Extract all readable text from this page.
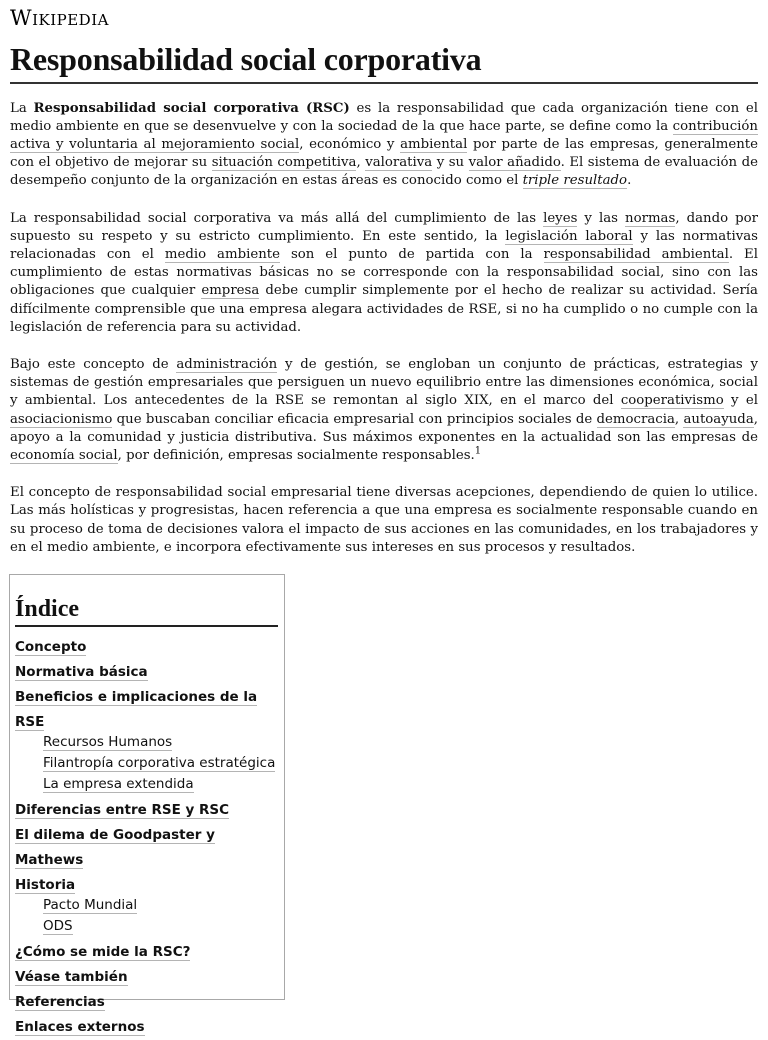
Wikipedia
Responsabilidad social corporativa

La Responsabilidad social corporativa (RSC) es la responsabilidad que cada organización tiene con el medio ambiente en que se desenvuelve y con la sociedad de la que hace parte, se define como la contribución activa y voluntaria al mejoramiento social, económico y ambiental por parte de las empresas, generalmente con el objetivo de mejorar su situación competitiva, valorativa y su valor añadido. El sistema de evaluación de desempeño conjunto de la organización en estas áreas es conocido como el triple resultado.

La responsabilidad social corporativa va más allá del cumplimiento de las leyes y las normas, dando por supuesto su respeto y su estricto cumplimiento. En este sentido, la legislación laboral y las normativas relacionadas con el medio ambiente son el punto de partida con la responsabilidad ambiental. El cumplimiento de estas normativas básicas no se corresponde con la responsabilidad social, sino con las obligaciones que cualquier empresa debe cumplir simplemente por el hecho de realizar su actividad. Sería difícilmente comprensible que una empresa alegara actividades de RSE, si no ha cumplido o no cumple con la legislación de referencia para su actividad.

Bajo este concepto de administración y de gestión, se engloban un conjunto de prácticas, estrategias y sistemas de gestión empresariales que persiguen un nuevo equilibrio entre las dimensiones económica, social y ambiental. Los antecedentes de la RSE se remontan al siglo XIX, en el marco del cooperativismo y el asociacionismo que buscaban conciliar eficacia empresarial con principios sociales de democracia, autoayuda, apoyo a la comunidad y justicia distributiva. Sus máximos exponentes en la actualidad son las empresas de economía social, por definición, empresas socialmente responsables.$^1$

El concepto de responsabilidad social empresarial tiene diversas acepciones, dependiendo de quien lo utilice. Las más holísticas y progresistas, hacen referencia a que una empresa es socialmente responsable cuando en su proceso de toma de decisiones valora el impacto de sus acciones en las comunidades, en los trabajadores y en el medio ambiente, e incorpora efectivamente sus intereses en sus procesos y resultados.

Índice
Concepto
Normativa básica
Beneficios e implicaciones de la RSE
Recursos Humanos
Filantropía corporativa estratégica
La empresa extendida
Diferencias entre RSE y RSC
El dilema de Goodpaster y Mathews
Historia
Pacto Mundial
ODS
¿Cómo se mide la RSC?
Véase también
Referencias
Enlaces externos
